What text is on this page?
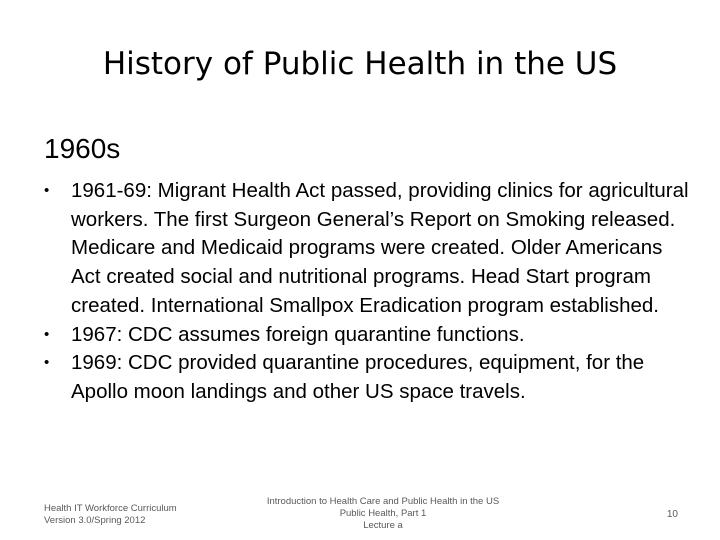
History of Public Health in the US
1960s
• 1961-69: Migrant Health Act passed, providing clinics for agricultural workers. The first Surgeon General’s Report on Smoking released. Medicare and Medicaid programs were created. Older Americans Act created social and nutritional programs. Head Start program created. International Smallpox Eradication program established.
• 1967: CDC assumes foreign quarantine functions.
• 1969: CDC provided quarantine procedures, equipment, for the Apollo moon landings and other US space travels.
Health IT Workforce Curriculum
Version 3.0/Spring 2012
Introduction to Health Care and Public Health in the US
Public Health, Part 1
Lecture a
10
